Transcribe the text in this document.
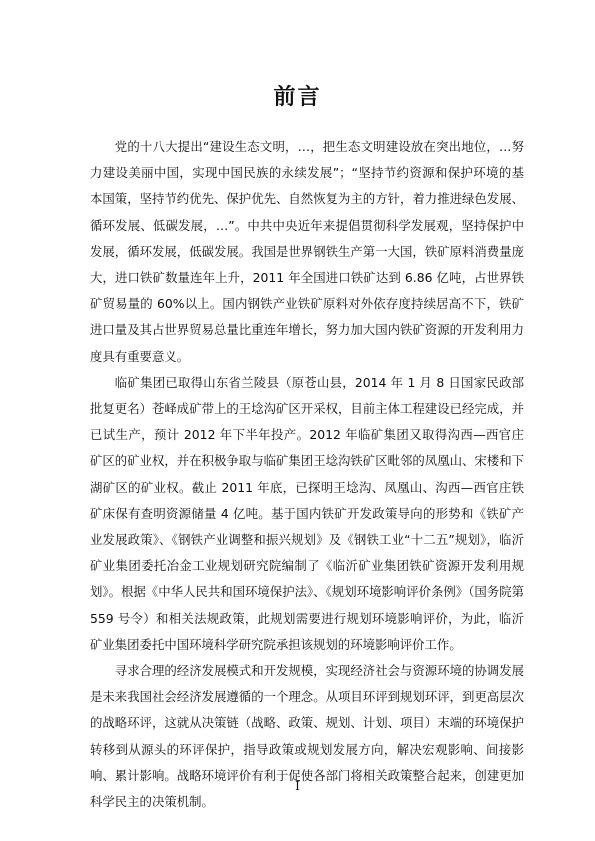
前言

党的十八大提出“建设生态文明，…，把生态文明建设放在突出地位，…努力建设美丽中国，实现中国民族的永续发展”；“坚持节约资源和保护环境的基本国策，坚持节约优先、保护优先、自然恢复为主的方针，着力推进绿色发展、循环发展、低碳发展，…”。中共中央近年来提倡贯彻科学发展观，坚持保护中发展，循环发展，低碳发展。我国是世界钢铁生产第一大国，铁矿原料消费量庞大，进口铁矿数量连年上升，2011 年全国进口铁矿达到 6.86 亿吨，占世界铁矿贸易量的 60%以上。国内钢铁产业铁矿原料对外依存度持续居高不下，铁矿进口量及其占世界贸易总量比重连年增长，努力加大国内铁矿资源的开发利用力度具有重要意义。

临矿集团已取得山东省兰陵县（原苍山县，2014 年 1 月 8 日国家民政部批复更名）苍峄成矿带上的王埝沟矿区开采权，目前主体工程建设已经完成，并已试生产，预计 2012 年下半年投产。2012 年临矿集团又取得沟西—西官庄矿区的矿业权，并在积极争取与临矿集团王埝沟铁矿区毗邻的凤凰山、宋楼和下湖矿区的矿业权。截止 2011 年底，已探明王埝沟、凤凰山、沟西—西官庄铁矿床保有查明资源储量 4 亿吨。基于国内铁矿开发政策导向的形势和《铁矿产业发展政策》、《钢铁产业调整和振兴规划》及《钢铁工业“十二五”规划》，临沂矿业集团委托冶金工业规划研究院编制了《临沂矿业集团铁矿资源开发利用规划》。根据《中华人民共和国环境保护法》、《规划环境影响评价条例》（国务院第 559 号令）和相关法规政策，此规划需要进行规划环境影响评价，为此，临沂矿业集团委托中国环境科学研究院承担该规划的环境影响评价工作。

寻求合理的经济发展模式和开发规模，实现经济社会与资源环境的协调发展是未来我国社会经济发展遵循的一个理念。从项目环评到规划环评，到更高层次的战略环评，这就从决策链（战略、政策、规划、计划、项目）末端的环境保护转移到从源头的环评保护，指导政策或规划发展方向，解决宏观影响、间接影响、累计影响。战略环境评价有利于促使各部门将相关政策整合起来，创建更加科学民主的决策机制。

I
